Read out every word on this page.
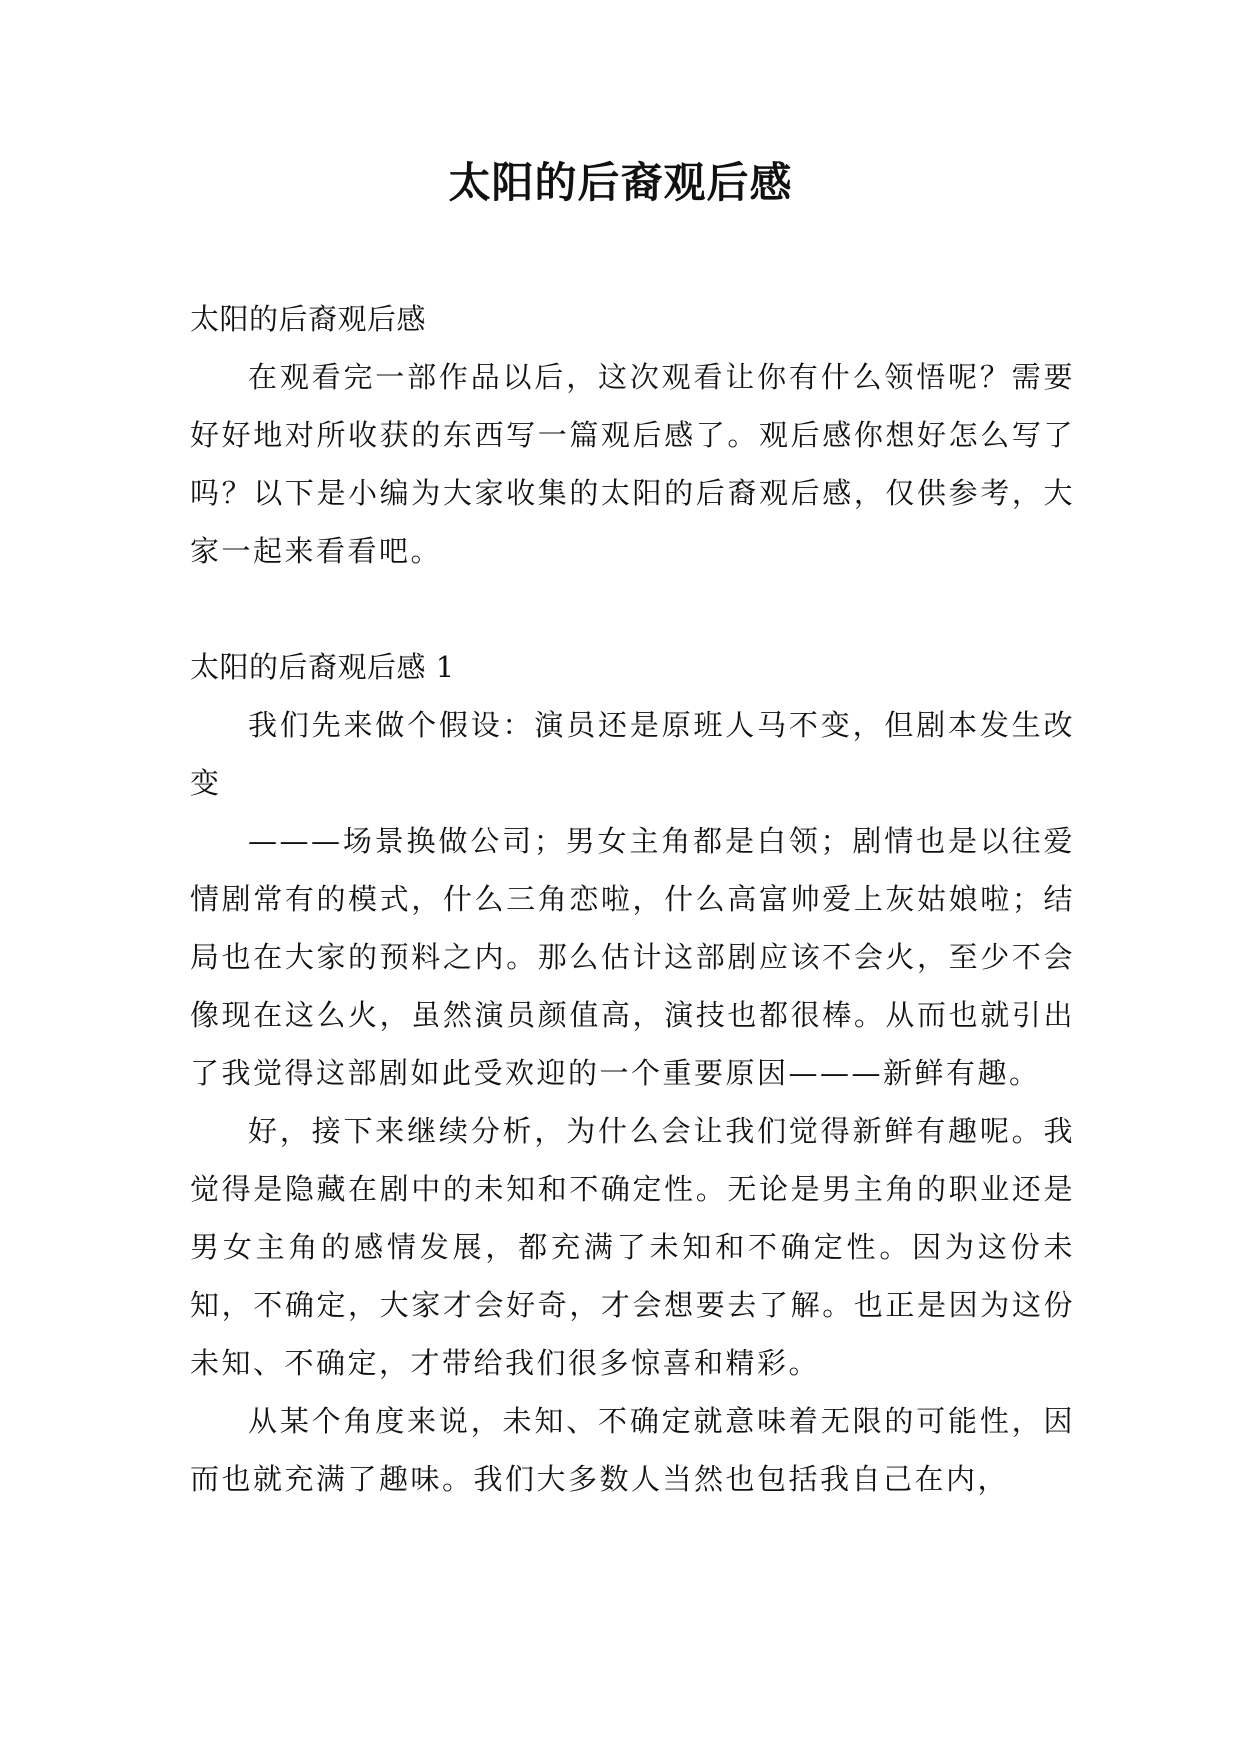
太阳的后裔观后感

太阳的后裔观后感

在观看完一部作品以后，这次观看让你有什么领悟呢？需要好好地对所收获的东西写一篇观后感了。观后感你想好怎么写了吗？以下是小编为大家收集的太阳的后裔观后感，仅供参考，大家一起来看看吧。

太阳的后裔观后感 1

我们先来做个假设：演员还是原班人马不变，但剧本发生改变

———场景换做公司；男女主角都是白领；剧情也是以往爱情剧常有的模式，什么三角恋啦，什么高富帅爱上灰姑娘啦；结局也在大家的预料之内。那么估计这部剧应该不会火，至少不会像现在这么火，虽然演员颜值高，演技也都很棒。从而也就引出了我觉得这部剧如此受欢迎的一个重要原因———新鲜有趣。

好，接下来继续分析，为什么会让我们觉得新鲜有趣呢。我觉得是隐藏在剧中的未知和不确定性。无论是男主角的职业还是男女主角的感情发展，都充满了未知和不确定性。因为这份未知，不确定，大家才会好奇，才会想要去了解。也正是因为这份未知、不确定，才带给我们很多惊喜和精彩。

从某个角度来说，未知、不确定就意味着无限的可能性，因而也就充满了趣味。我们大多数人当然也包括我自己在内，
